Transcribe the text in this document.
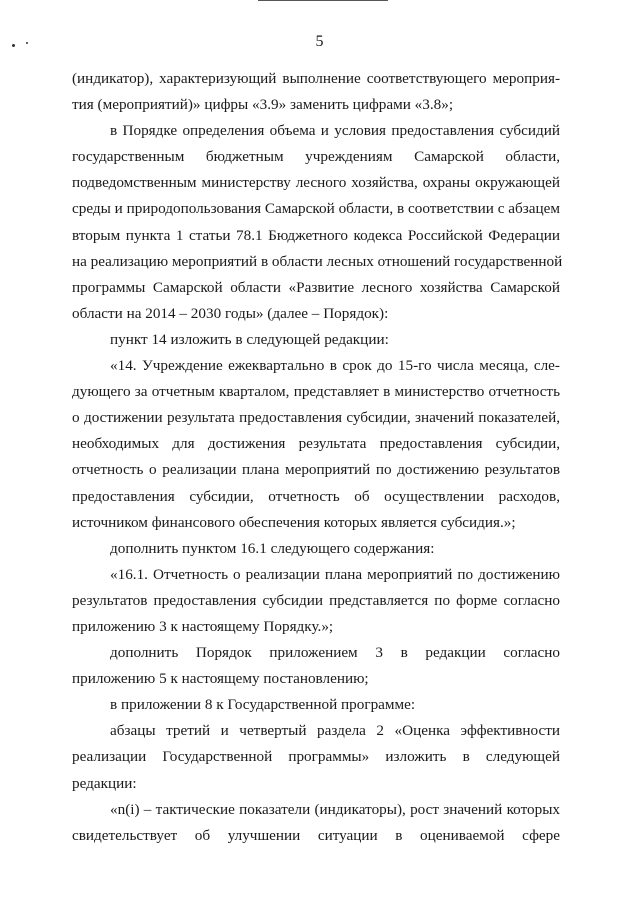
5
(индикатор), характеризующий выполнение соответствующего мероприя-
тия (мероприятий)» цифры «3.9» заменить цифрами «3.8»;
в Порядке определения объема и условия предоставления субсидий
государственным бюджетным учреждениям Самарской области,
подведомственным министерству лесного хозяйства, охраны окружающей
среды и природопользования Самарской области, в соответствии с абзацем
вторым пункта 1 статьи 78.1 Бюджетного кодекса Российской Федерации
на реализацию мероприятий в области лесных отношений государственной
программы Самарской области «Развитие лесного хозяйства Самарской
области на 2014 – 2030 годы» (далее – Порядок):
пункт 14 изложить в следующей редакции:
«14. Учреждение ежеквартально в срок до 15-го числа месяца, сле-
дующего за отчетным кварталом, представляет в министерство отчетность
о достижении результата предоставления субсидии, значений показателей,
необходимых для достижения результата предоставления субсидии,
отчетность о реализации плана мероприятий по достижению результатов
предоставления субсидии, отчетность об осуществлении расходов,
источником финансового обеспечения которых является субсидия.»;
дополнить пунктом 16.1 следующего содержания:
«16.1. Отчетность о реализации плана мероприятий по достижению
результатов предоставления субсидии представляется по форме согласно
приложению 3 к настоящему Порядку.»;
дополнить Порядок приложением 3 в редакции согласно
приложению 5 к настоящему постановлению;
в приложении 8 к Государственной программе:
абзацы третий и четвертый раздела 2 «Оценка эффективности
реализации Государственной программы» изложить в следующей
редакции:
«n(i) – тактические показатели (индикаторы), рост значений которых
свидетельствует об улучшении ситуации в оцениваемой сфере
